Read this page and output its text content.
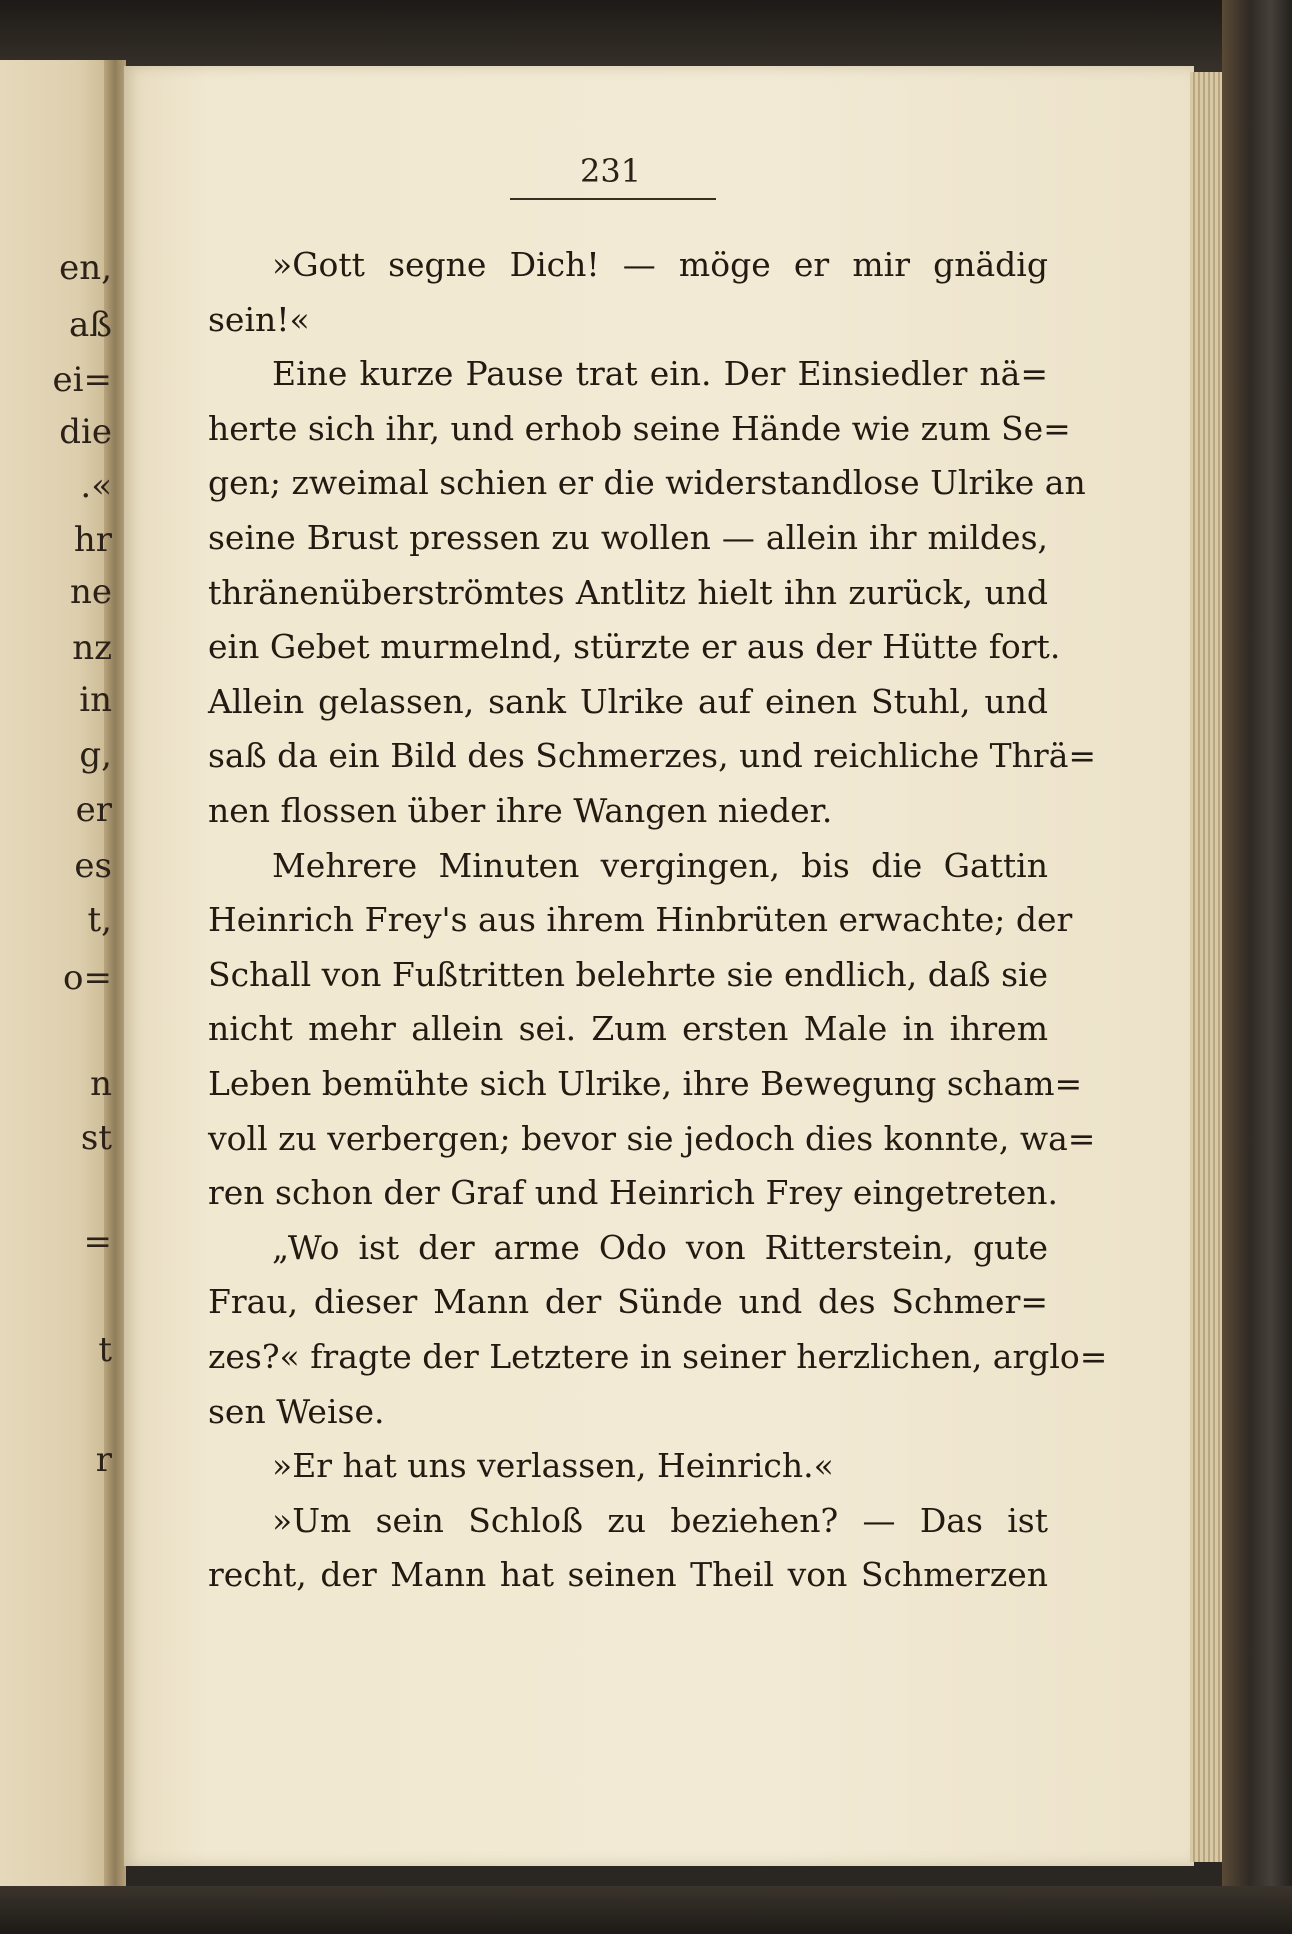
en,
aß
ei=
die
.«
hr
ne
nz
in
g,
er
es
t,
o=
n
st
=
t
r
231
»Gott segne Dich! — möge er mir gnädig
sein!«
Eine kurze Pause trat ein. Der Einsiedler nä=
herte sich ihr, und erhob seine Hände wie zum Se=
gen; zweimal schien er die widerstandlose Ulrike an
seine Brust pressen zu wollen — allein ihr mildes,
thränenüberströmtes Antlitz hielt ihn zurück, und
ein Gebet murmelnd, stürzte er aus der Hütte fort.
Allein gelassen, sank Ulrike auf einen Stuhl, und
saß da ein Bild des Schmerzes, und reichliche Thrä=
nen flossen über ihre Wangen nieder.
Mehrere Minuten vergingen, bis die Gattin
Heinrich Frey's aus ihrem Hinbrüten erwachte; der
Schall von Fußtritten belehrte sie endlich, daß sie
nicht mehr allein sei. Zum ersten Male in ihrem
Leben bemühte sich Ulrike, ihre Bewegung scham=
voll zu verbergen; bevor sie jedoch dies konnte, wa=
ren schon der Graf und Heinrich Frey eingetreten.
„Wo ist der arme Odo von Ritterstein, gute
Frau, dieser Mann der Sünde und des Schmer=
zes?« fragte der Letztere in seiner herzlichen, arglo=
sen Weise.
»Er hat uns verlassen, Heinrich.«
»Um sein Schloß zu beziehen? — Das ist
recht, der Mann hat seinen Theil von Schmerzen
